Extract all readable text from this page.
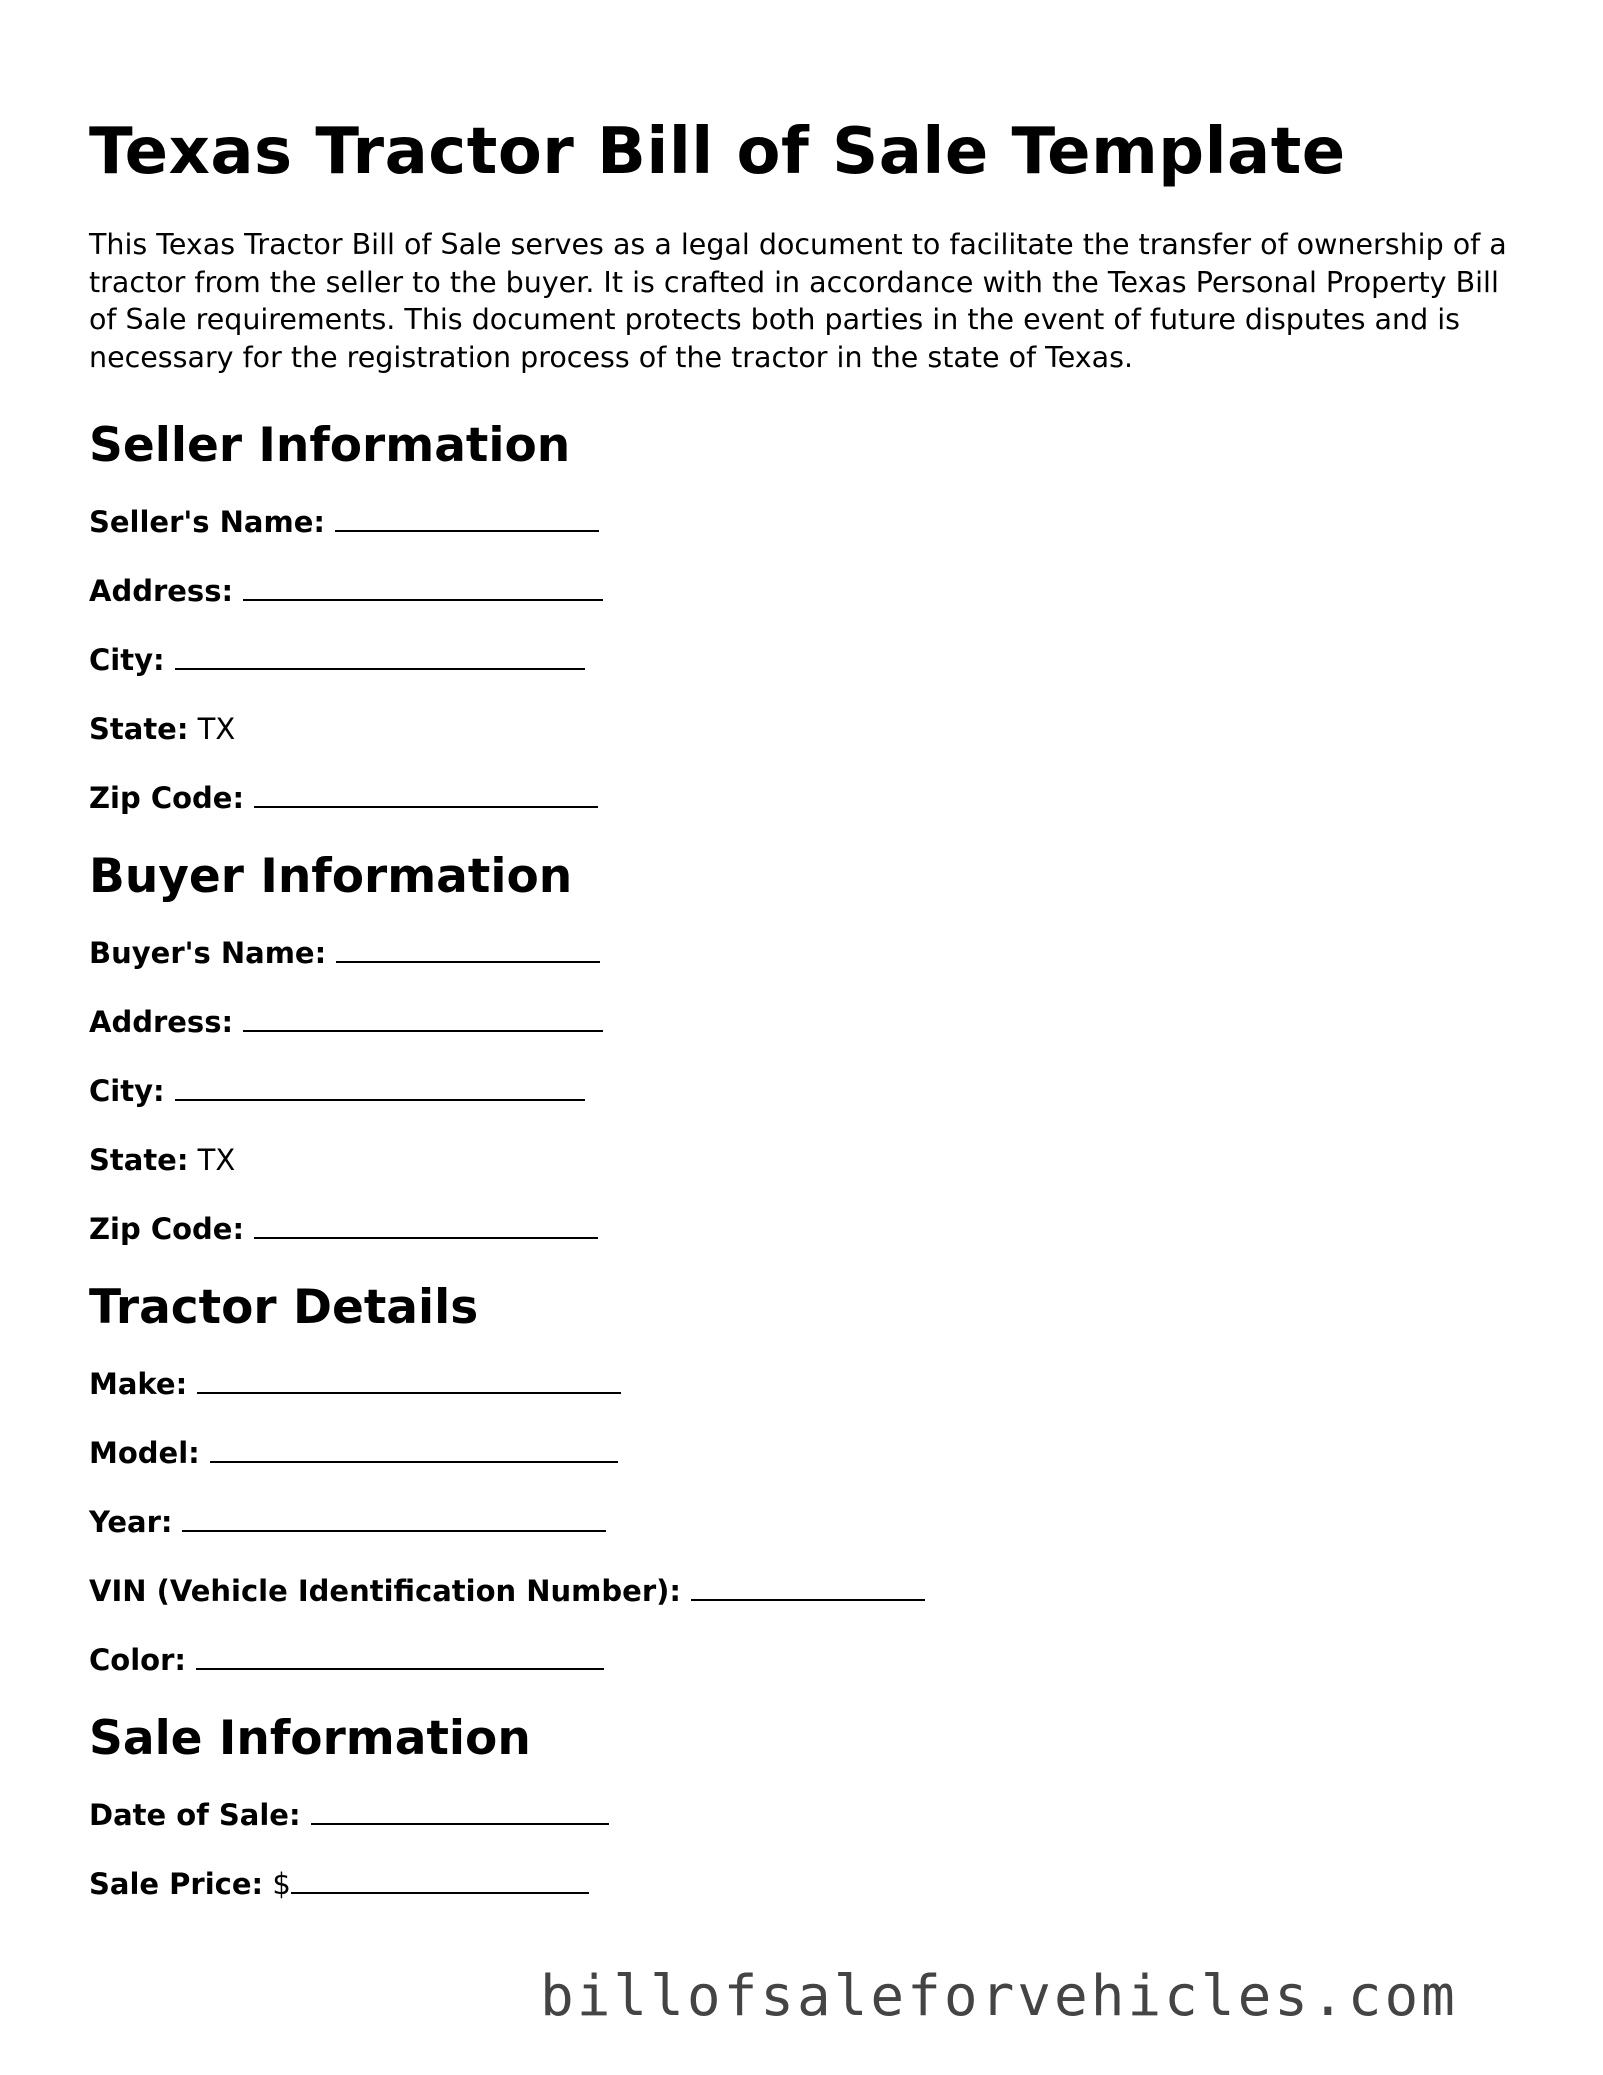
Texas Tractor Bill of Sale Template

This Texas Tractor Bill of Sale serves as a legal document to facilitate the transfer of ownership of a tractor from the seller to the buyer. It is crafted in accordance with the Texas Personal Property Bill of Sale requirements. This document protects both parties in the event of future disputes and is necessary for the registration process of the tractor in the state of Texas.

Seller Information
Seller's Name:
Address:
City:
State: TX
Zip Code:
Buyer Information
Buyer's Name:
Address:
City:
State: TX
Zip Code:
Tractor Details
Make:
Model:
Year:
VIN (Vehicle Identification Number):
Color:
Sale Information
Date of Sale:
Sale Price: $
billofsaleforvehicles.com
